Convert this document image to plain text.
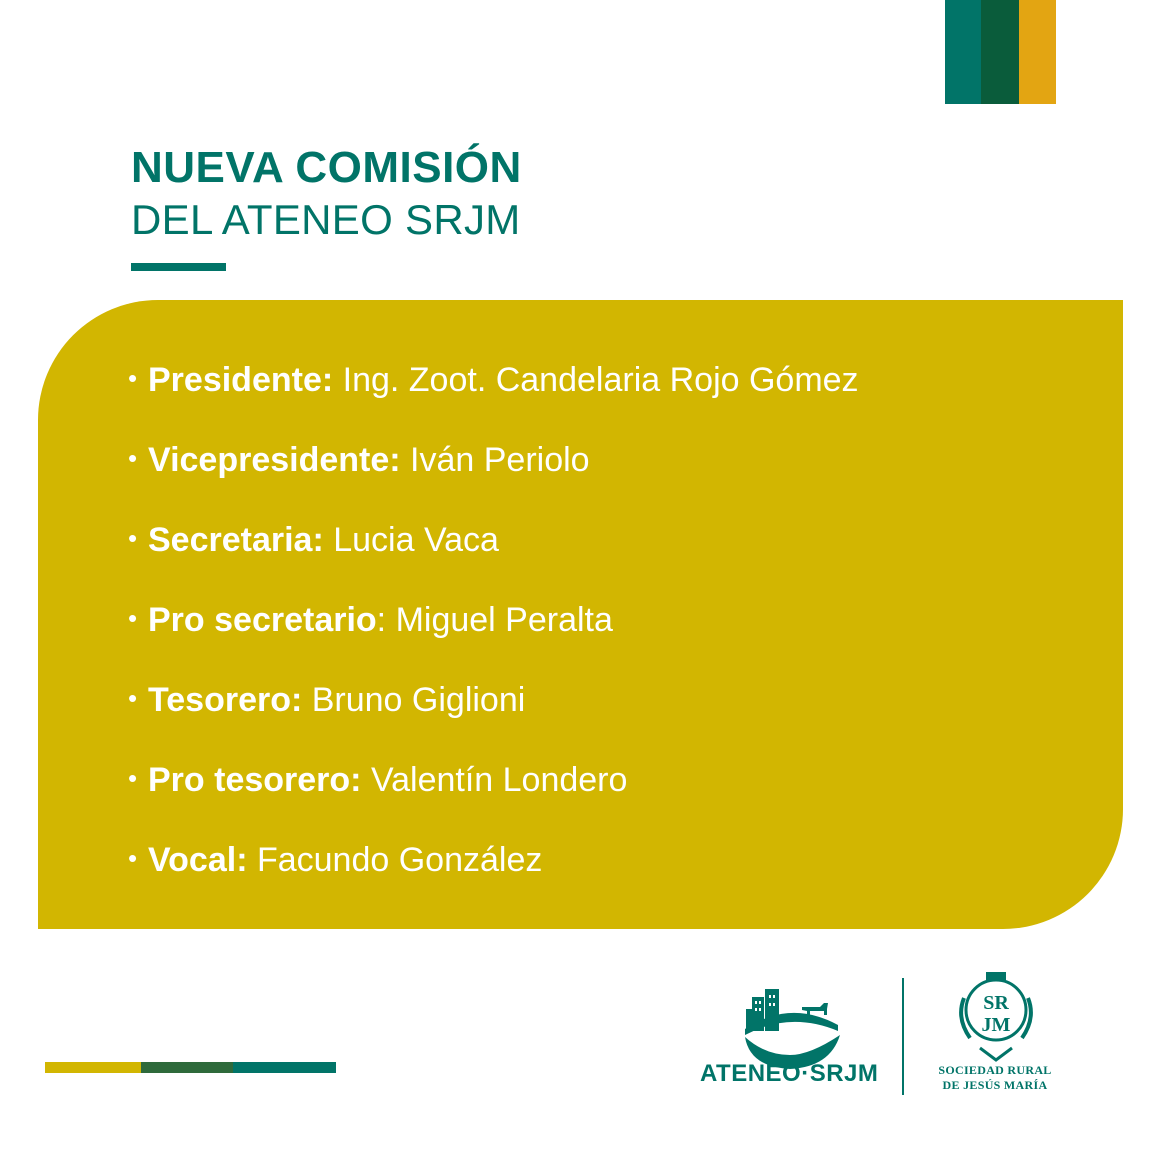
NUEVA COMISIÓN
DEL ATENEO SRJM
• Presidente: Ing. Zoot. Candelaria Rojo Gómez
• Vicepresidente: Iván Periolo
• Secretaria: Lucia Vaca
• Pro secretario: Miguel Peralta
• Tesorero: Bruno Giglioni
• Pro tesorero: Valentín Londero
• Vocal: Facundo González
ATENEO·SRJM
SR
JM
SOCIEDAD RURAL
DE JESÚS MARÍA
